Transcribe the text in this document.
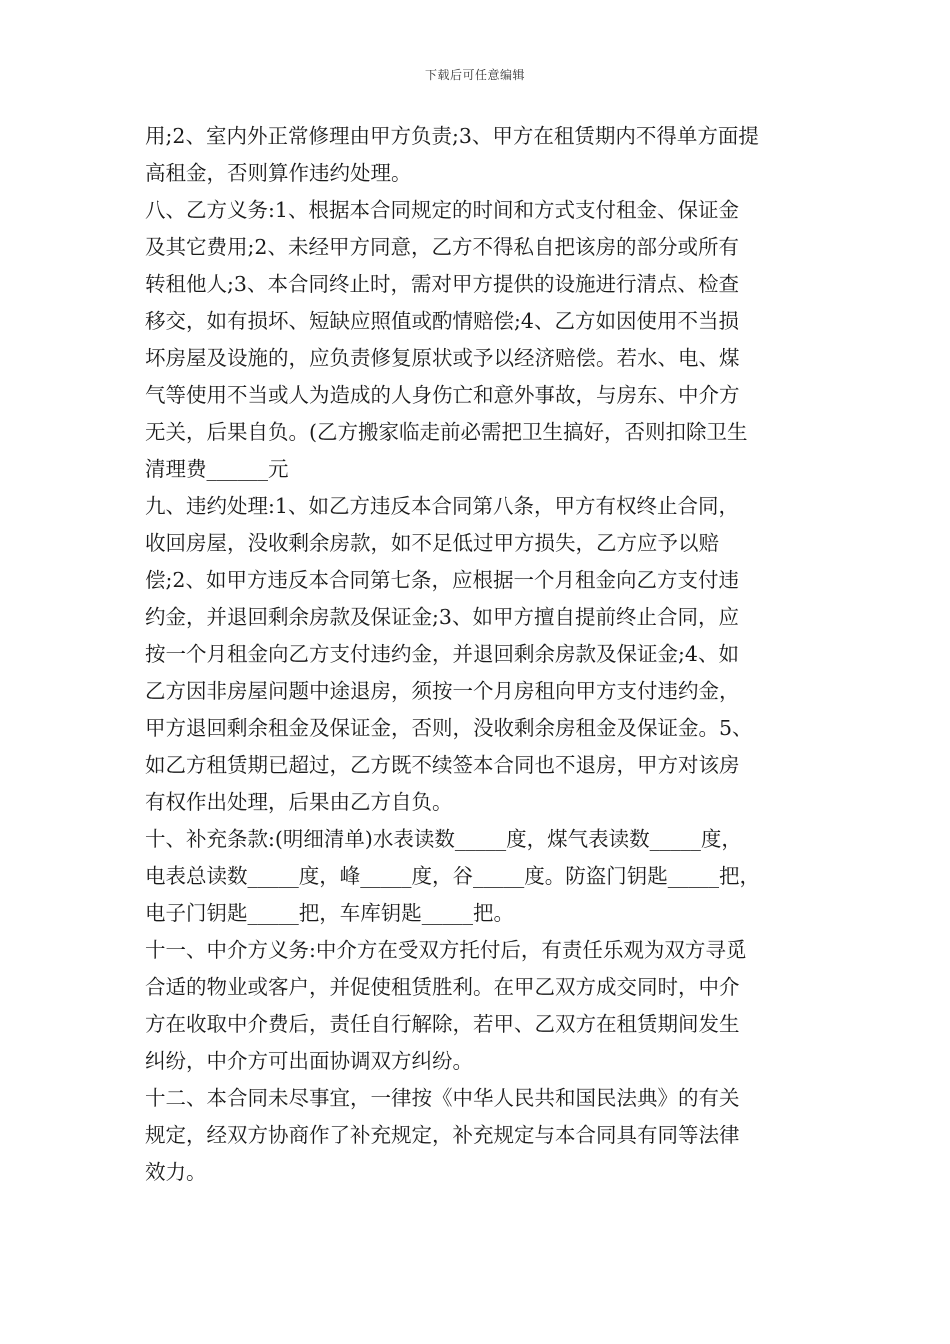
下载后可任意编辑
用;2、室内外正常修理由甲方负责;3、甲方在租赁期内不得单方面提
高租金，否则算作违约处理。
八、乙方义务:1、根据本合同规定的时间和方式支付租金、保证金
及其它费用;2、未经甲方同意，乙方不得私自把该房的部分或所有
转租他人;3、本合同终止时，需对甲方提供的设施进行清点、检查
移交，如有损坏、短缺应照值或酌情赔偿;4、乙方如因使用不当损
坏房屋及设施的，应负责修复原状或予以经济赔偿。若水、电、煤
气等使用不当或人为造成的人身伤亡和意外事故，与房东、中介方
无关，后果自负。(乙方搬家临走前必需把卫生搞好，否则扣除卫生
清理费______元
九、违约处理:1、如乙方违反本合同第八条，甲方有权终止合同，
收回房屋，没收剩余房款，如不足低过甲方损失，乙方应予以赔
偿;2、如甲方违反本合同第七条，应根据一个月租金向乙方支付违
约金，并退回剩余房款及保证金;3、如甲方擅自提前终止合同，应
按一个月租金向乙方支付违约金，并退回剩余房款及保证金;4、如
乙方因非房屋问题中途退房，须按一个月房租向甲方支付违约金，
甲方退回剩余租金及保证金，否则，没收剩余房租金及保证金。5、
如乙方租赁期已超过，乙方既不续签本合同也不退房，甲方对该房
有权作出处理，后果由乙方自负。
十、补充条款:(明细清单)水表读数_____度，煤气表读数_____度，
电表总读数_____度，峰_____度，谷_____度。防盗门钥匙_____把，
电子门钥匙_____把，车库钥匙_____把。
十一、中介方义务:中介方在受双方托付后，有责任乐观为双方寻觅
合适的物业或客户，并促使租赁胜利。在甲乙双方成交同时，中介
方在收取中介费后，责任自行解除，若甲、乙双方在租赁期间发生
纠纷，中介方可出面协调双方纠纷。
十二、本合同未尽事宜，一律按《中华人民共和国民法典》的有关
规定，经双方协商作了补充规定，补充规定与本合同具有同等法律
效力。
